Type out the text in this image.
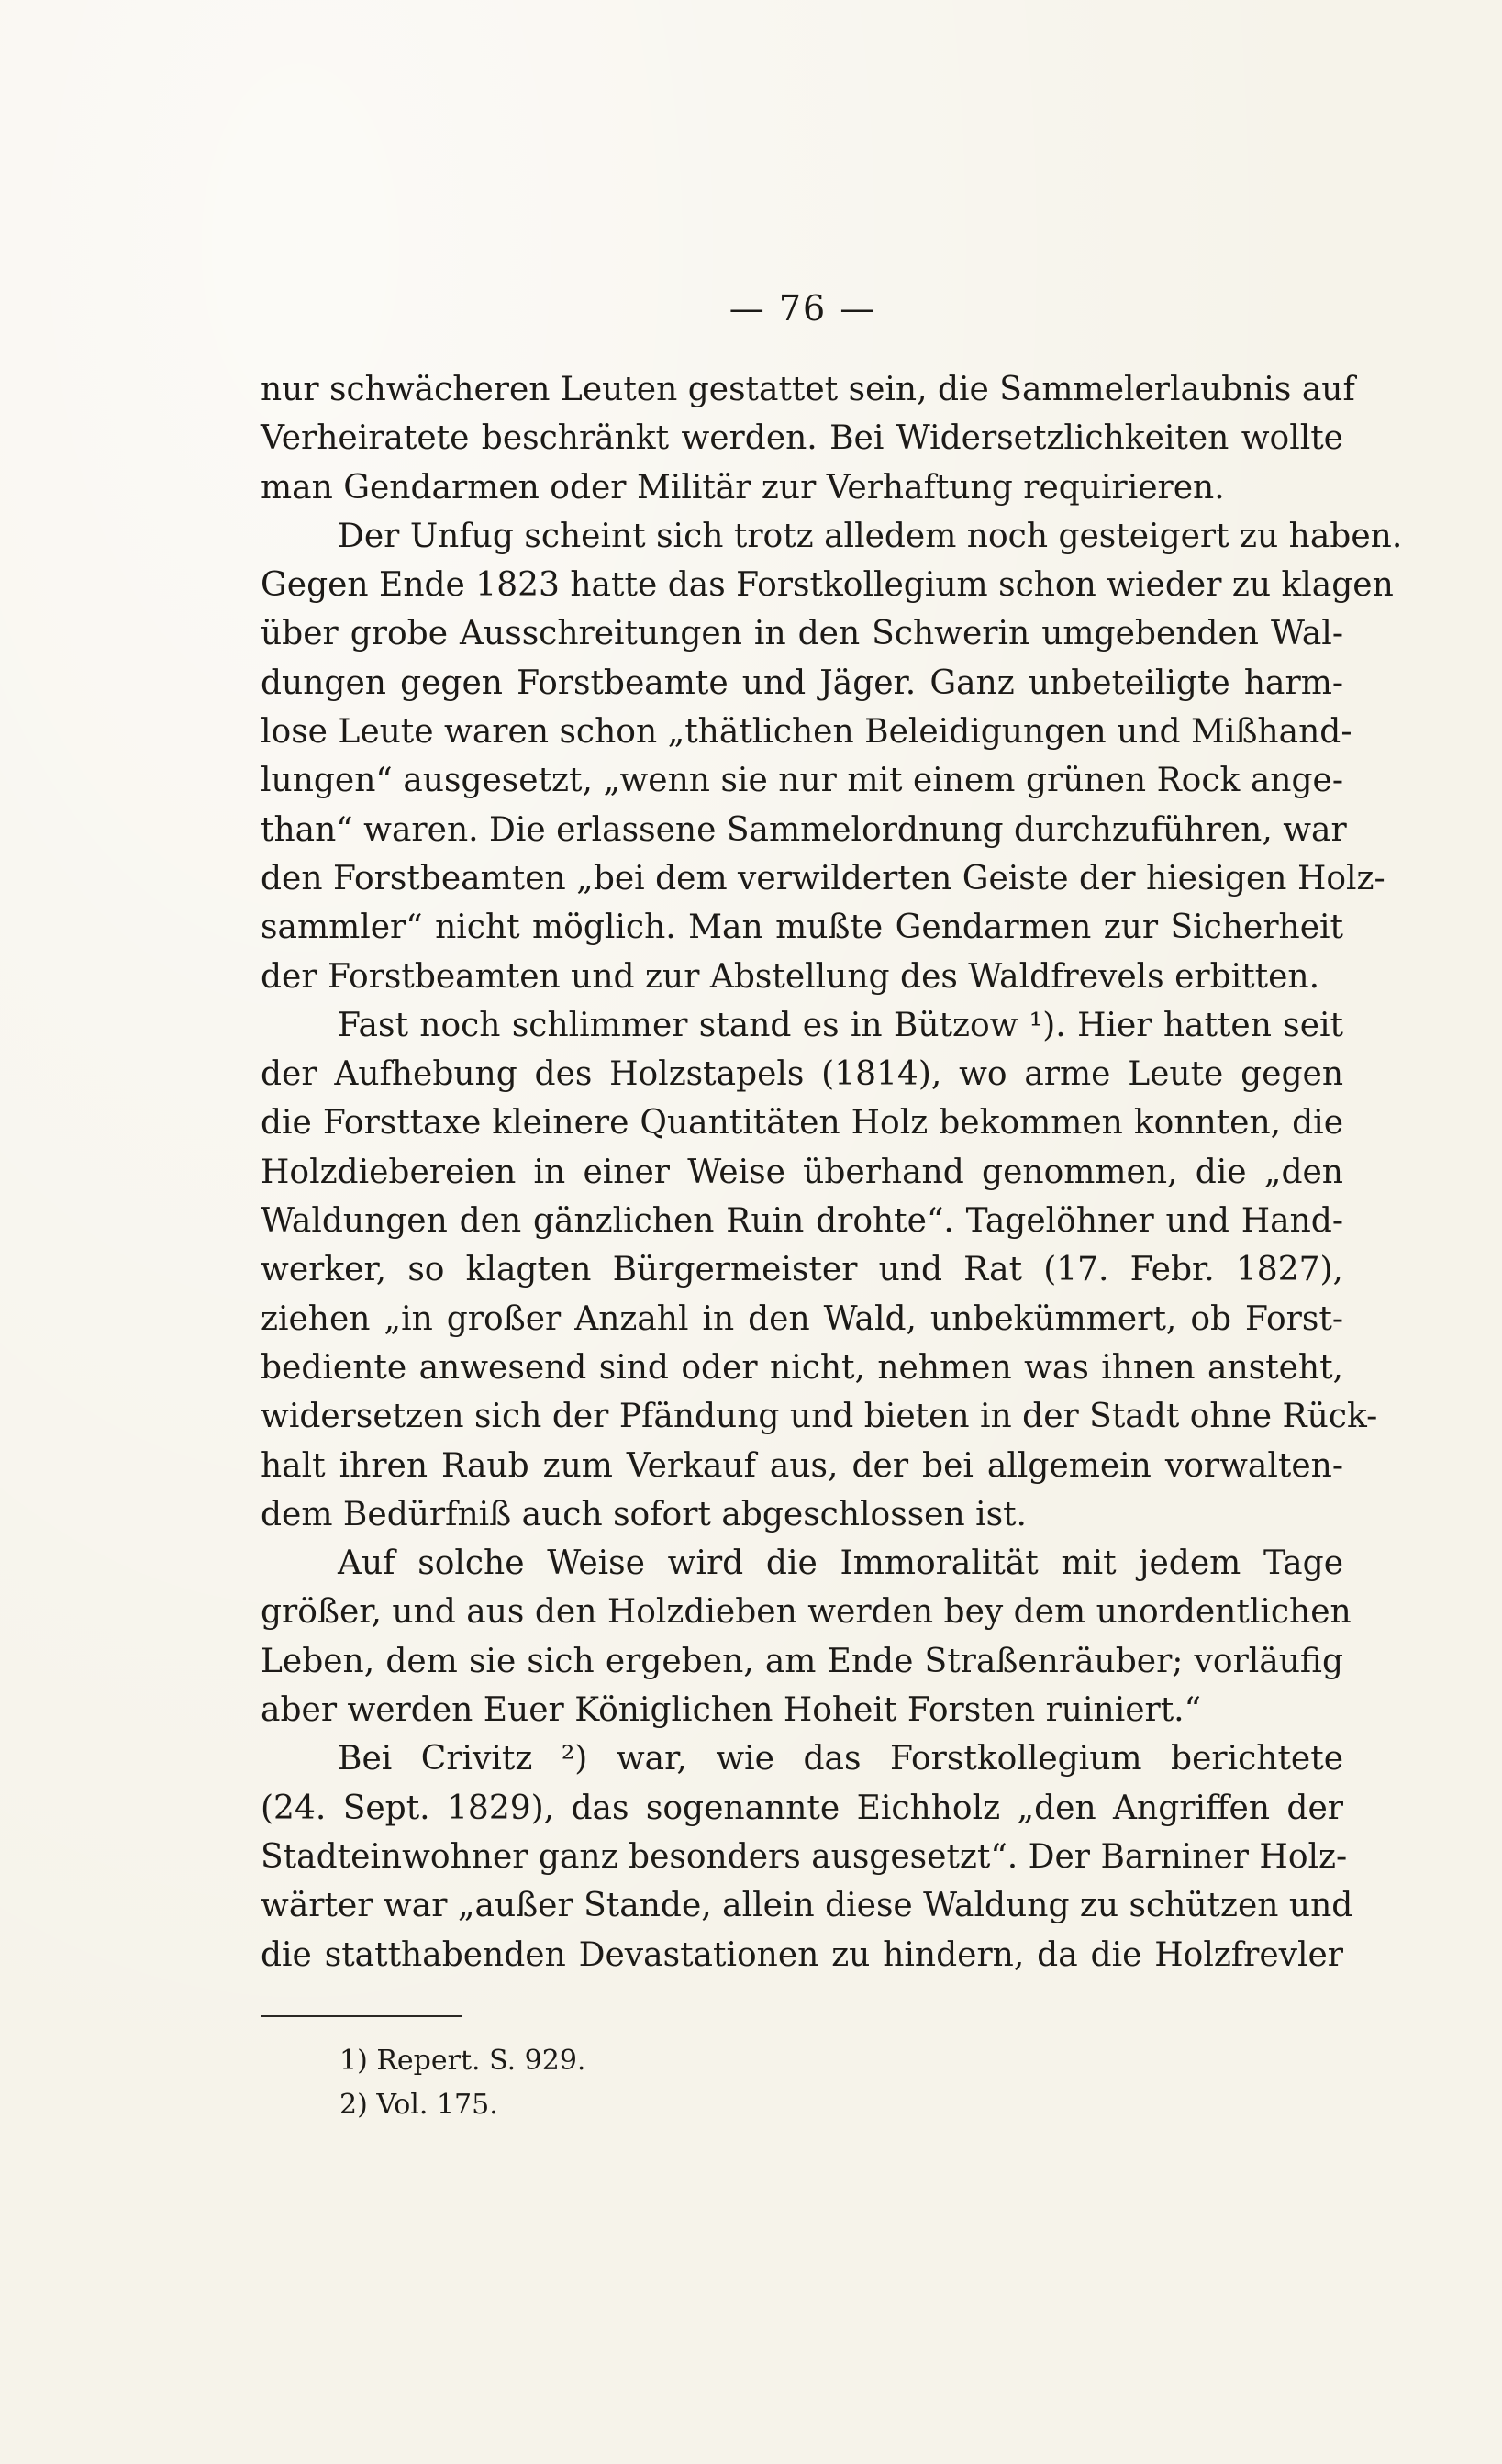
— 76 —
nur schwächeren Leuten gestattet sein, die Sammelerlaubnis auf
Verheiratete beschränkt werden. Bei Widersetzlichkeiten wollte
man Gendarmen oder Militär zur Verhaftung requirieren.
Der Unfug scheint sich trotz alledem noch gesteigert zu haben.
Gegen Ende 1823 hatte das Forstkollegium schon wieder zu klagen
über grobe Ausschreitungen in den Schwerin umgebenden Wal-
dungen gegen Forstbeamte und Jäger. Ganz unbeteiligte harm-
lose Leute waren schon „thätlichen Beleidigungen und Mißhand-
lungen“ ausgesetzt, „wenn sie nur mit einem grünen Rock ange-
than“ waren. Die erlassene Sammelordnung durchzuführen, war
den Forstbeamten „bei dem verwilderten Geiste der hiesigen Holz-
sammler“ nicht möglich. Man mußte Gendarmen zur Sicherheit
der Forstbeamten und zur Abstellung des Waldfrevels erbitten.
Fast noch schlimmer stand es in Bützow ¹). Hier hatten seit
der Aufhebung des Holzstapels (1814), wo arme Leute gegen
die Forsttaxe kleinere Quantitäten Holz bekommen konnten, die
Holzdiebereien in einer Weise überhand genommen, die „den
Waldungen den gänzlichen Ruin drohte“. Tagelöhner und Hand-
werker, so klagten Bürgermeister und Rat (17. Febr. 1827),
ziehen „in großer Anzahl in den Wald, unbekümmert, ob Forst-
bediente anwesend sind oder nicht, nehmen was ihnen ansteht,
widersetzen sich der Pfändung und bieten in der Stadt ohne Rück-
halt ihren Raub zum Verkauf aus, der bei allgemein vorwalten-
dem Bedürfniß auch sofort abgeschlossen ist.
Auf solche Weise wird die Immoralität mit jedem Tage
größer, und aus den Holzdieben werden bey dem unordentlichen
Leben, dem sie sich ergeben, am Ende Straßenräuber; vorläufig
aber werden Euer Königlichen Hoheit Forsten ruiniert.“
Bei Crivitz ²) war, wie das Forstkollegium berichtete
(24. Sept. 1829), das sogenannte Eichholz „den Angriffen der
Stadteinwohner ganz besonders ausgesetzt“. Der Barniner Holz-
wärter war „außer Stande, allein diese Waldung zu schützen und
die statthabenden Devastationen zu hindern, da die Holzfrevler
1) Repert. S. 929.
2) Vol. 175.
